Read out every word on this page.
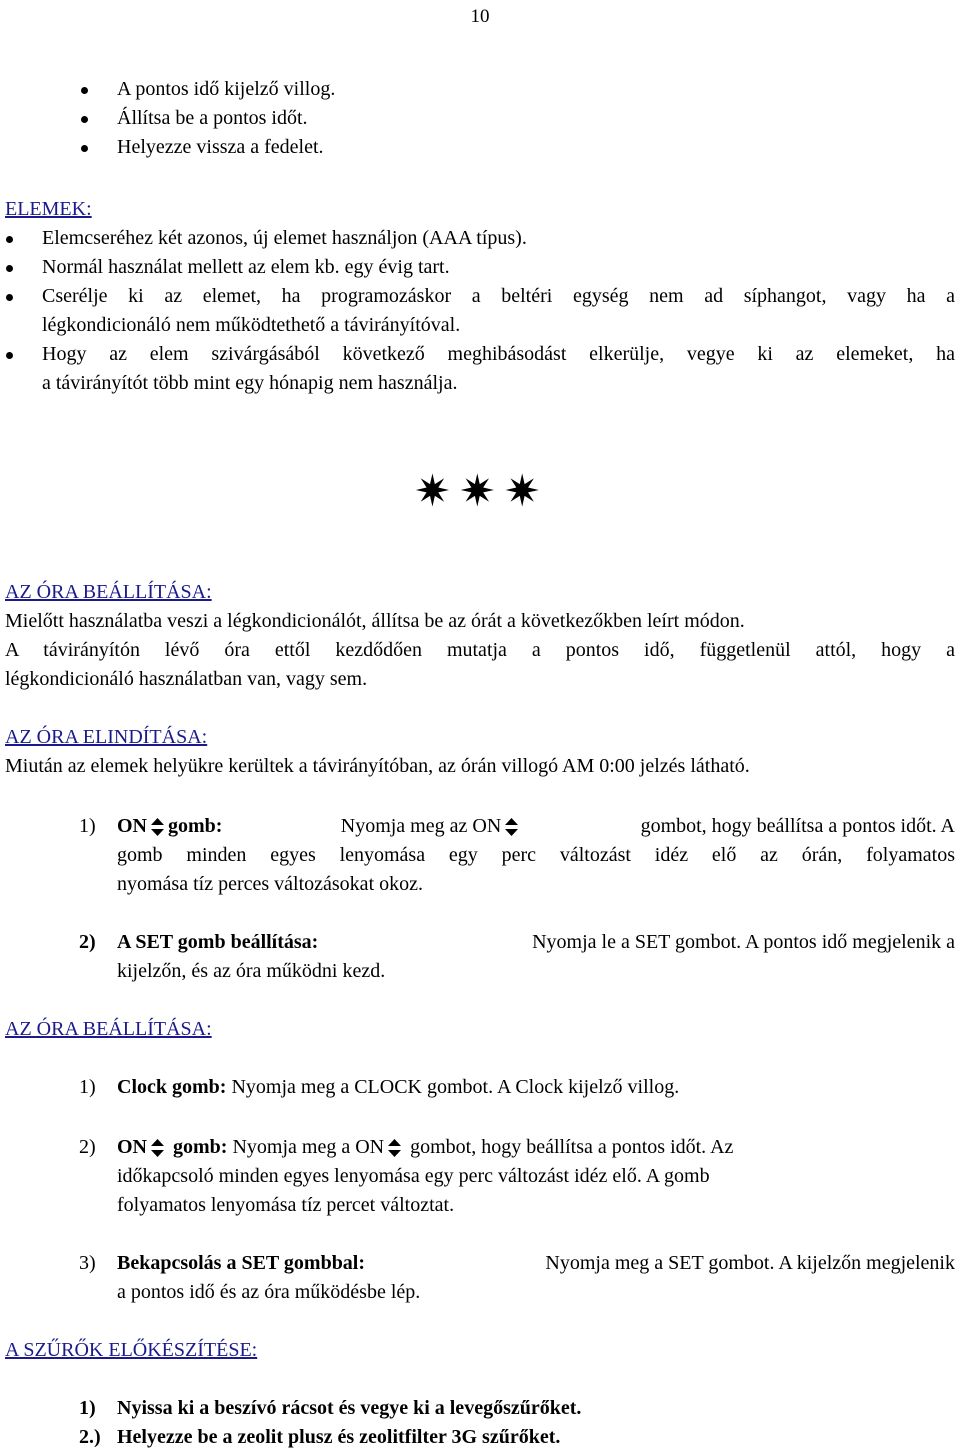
10
A pontos idő kijelző villog.
Állítsa be a pontos időt.
Helyezze vissza a fedelet.
ELEMEK:
Elemcseréhez két azonos, új elemet használjon (AAA típus).
Normál használat mellett az elem kb. egy évig tart.
Cserélje ki az elemet, ha programozáskor a beltéri egység nem ad síphangot, vagy ha a
légkondicionáló nem működtethető a távirányítóval.
Hogy az elem szivárgásából következő meghibásodást elkerülje, vegye ki az elemeket, ha
a távirányítót több mint egy hónapig nem használja.
✷✷✷
AZ ÓRA BEÁLLÍTÁSA:
Mielőtt használatba veszi a légkondicionálót, állítsa be az órát a következőkben leírt módon.
A távirányítón lévő óra ettől kezdődően mutatja a pontos idő, függetlenül attól, hogy a
légkondicionáló használatban van, vagy sem.
AZ ÓRA ELINDÍTÁSA:
Miután az elemek helyükre kerültek a távirányítóban, az órán villogó AM 0:00 jelzés látható.
1) ON gomb:	Nyomja meg az ON	gombot, hogy beállítsa a pontos időt. A
gomb minden egyes lenyomása egy perc változást idéz elő az órán, folyamatos
nyomása tíz perces változásokat okoz.
2) A SET gomb beállítása:	Nyomja le a SET gombot. A pontos idő megjelenik a
kijelzőn, és az óra működni kezd.
AZ ÓRA BEÁLLÍTÁSA:
1) Clock gomb: Nyomja meg a CLOCK gombot. A Clock kijelző villog.
2) ON gomb: Nyomja meg a ON gombot, hogy beállítsa a pontos időt. Az
időkapcsoló minden egyes lenyomása egy perc változást idéz elő. A gomb
folyamatos lenyomása tíz percet változtat.
3) Bekapcsolás a SET gombbal:	Nyomja meg a SET gombot. A kijelzőn megjelenik
a pontos idő és az óra működésbe lép.
A SZŰRŐK ELŐKÉSZÍTÉSE:
1) Nyissa ki a beszívó rácsot és vegye ki a levegőszűrőket.
2.) Helyezze be a zeolit plusz és zeolitfilter 3G szűrőket.
